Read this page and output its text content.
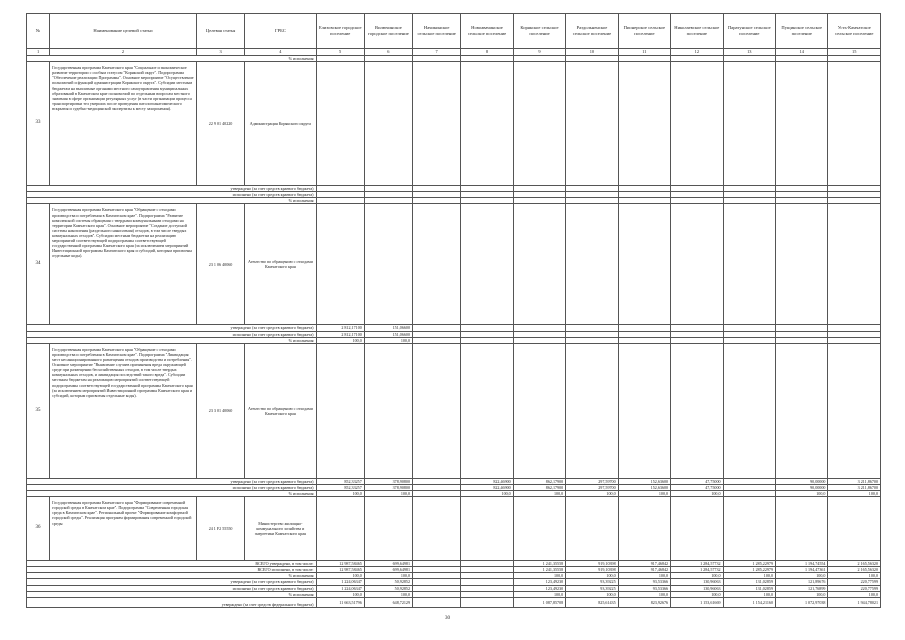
№	Наименование целевой статьи	Целевая статья	ГРБС	Елизовское городское поселение	Вилючинское городское поселение	Начикинское сельское поселение	Новоавачинское сельское поселение	Корякское сельское поселение	Раздольненское сельское поселение	Пионерское сельское поселение	Николаевское сельское поселение	Паратунское сельское поселение	Пущинское сельское поселение	Усть-Камчатское сельское поселение
1	2	3	4	5	6	7	8	9	10	11	12	13	14	15
% исполнения														
33	Государственная программа Камчатского края "Социальное и экономическое развитие территории с особым статусом "Корякский округ". Подпрограмма "Обеспечение реализации Программы". Основное мероприятие "Осуществление полномочий и функций администрации Корякского округа". Субсидии местным бюджетам на выплатные органами местного самоуправления муниципальных образований в Камчатском крае полномочий по отдельным вопросам местного значения в сфере организации регулярных услуг (в части организации процесса транспортировки тел умерших после проведения патологоанатомического вскрытия и судебно-медицинской экспертизы к месту захоронения).	22 9 01 40220	Администрация Корякского округа											
утверждено (за счет средств краевого бюджета)														
исполнено (за счет средств краевого бюджета)														
% исполнения														
34	Государственная программа Камчатского края "Обращение с отходами производства и потребления в Камчатском крае". Подпрограмма "Развитие комплексной системы обращения с твердыми коммунальными отходами на территории Камчатского края". Основное мероприятие "Создание доступной системы накопления (раздельного накопления) отходов, в том числе твердых коммунальных отходов". Субсидии местным бюджетам на реализацию мероприятий соответствующей подпрограммы соответствующей государственной программы Камчатского края (за исключением мероприятий Инвестиционной программы Камчатского края и субсидий, которым присвоены отдельные коды).	23 1 06 40060	Агентство по обращению с отходами Камчатского края											
утверждено (за счет средств краевого бюджета)				2 812,17100	151,06600									
исполнено (за счет средств краевого бюджета)				2 812,17100	151,06600									
% исполнения				100,0	100,0									
35	Государственная программа Камчатского края "Обращение с отходами производства и потребления в Камчатском крае". Подпрограмма "Ликвидация мест несанкционированного размещения отходов производства и потребления". Основное мероприятие "Выявление случаев причинения вреда окружающей среде при размещении бесхозяйственных отходов, в том числе твердых коммунальных отходов, и ликвидация последствий такого вреда". Субсидии местным бюджетам на реализацию мероприятий соответствующей подпрограммы соответствующей государственной программы Камчатского края (за исключением мероприятий Инвестиционной программы Камчатского края и субсидий, которым присвоены отдельные коды).	23 3 01 40060	Агентство по обращению с отходами Камчатского края											
утверждено (за счет средств краевого бюджета)				852,33257	378,90800		822,46900	862,17900	297,59700	152,63600	47,75000		90,00000	3 211,86700
исполнено (за счет средств краевого бюджета)				852,33257	378,90800		822,46900	862,17900	297,59700	152,63600	47,75000		90,00000	3 211,86700
% исполнения				100,0	100,0		100,0	100,0	100,0	100,0	100,0		100,0	100,0
36	Государственная программа Камчатского края "Формирование современной городской среды в Камчатском крае". Подпрограмма "Современная городская среда в Камчатском крае". Региональный проект "Формирование комфортной городской среды". Реализация программ формирования современной городской среды	24 1 F2 55550	Министерство жилищно-коммунального хозяйства и энергетики Камчатского края											
ВСЕГО утверждено, в том числе:				12 987,58465	699,64981			1 241,35558	919,10398	917,46842	1 284,57732	1 285,22979	1 194,74554	2 165,56320
ВСЕГО исполнено, в том числе:				12 987,58465	699,64981			1 241,35558	919,10398	917,46842	1 284,57732	1 285,22979	1 194,47361	2 165,56320
% исполнения				100,0	100,0			100,0	100,0	100,0	100,0	100,0	100,0	100,0
утверждено (за счет средств краевого бюджета)				1 224,06347	50,92852			123,49230	93,39225	93,53366	130,96063	131,02859	121,89676	220,77599
исполнено (за счет средств краевого бюджета)				1 224,06347	50,92852			123,49230	93,39225	93,53366	130,96063	131,02859	121,76899	220,77599
% исполнения				100,0	100,0			100,0	100,0	100,0	100,0	100,0	100,0	100,0
утверждено (за счет средств федерального бюджета)				11 663,51796	648,72129			1 087,85708	825,61435	823,92676	1 153,61669	1 154,21160	1 072,97038	1 944,78021
30
